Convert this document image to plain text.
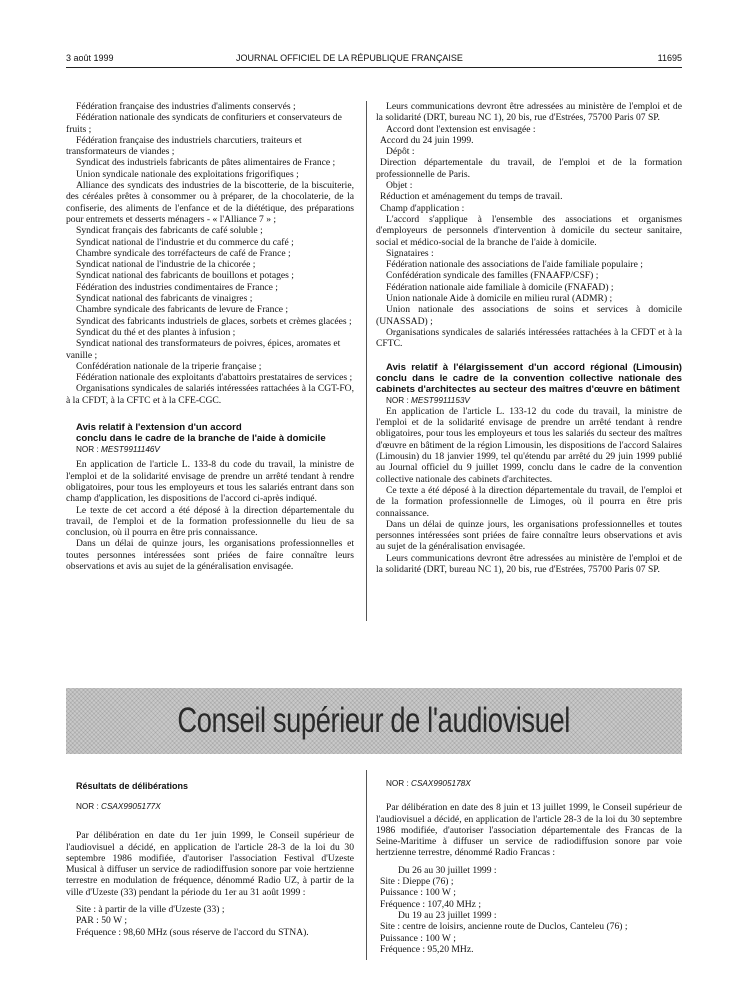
3 août 1999	JOURNAL OFFICIEL DE LA RÉPUBLIQUE FRANÇAISE	11695

Fédération française des industries d'aliments conservés ;

Fédération nationale des syndicats de confituriers et conservateurs de fruits ;

Fédération française des industriels charcutiers, traiteurs et transformateurs de viandes ;

Syndicat des industriels fabricants de pâtes alimentaires de France ;

Union syndicale nationale des exploitations frigorifiques ;

Alliance des syndicats des industries de la biscotterie, de la biscuiterie, des céréales prêtes à consommer ou à préparer, de la chocolaterie, de la confiserie, des aliments de l'enfance et de la diététique, des préparations pour entremets et desserts ménagers - « l'Alliance 7 » ;

Syndicat français des fabricants de café soluble ;

Syndicat national de l'industrie et du commerce du café ;

Chambre syndicale des torréfacteurs de café de France ;

Syndicat national de l'industrie de la chicorée ;

Syndicat national des fabricants de bouillons et potages ;

Fédération des industries condimentaires de France ;

Syndicat national des fabricants de vinaigres ;

Chambre syndicale des fabricants de levure de France ;

Syndicat des fabricants industriels de glaces, sorbets et crèmes glacées ;

Syndicat du thé et des plantes à infusion ;

Syndicat national des transformateurs de poivres, épices, aromates et vanille ;

Confédération nationale de la triperie française ;

Fédération nationale des exploitants d'abattoirs prestataires de services ;

Organisations syndicales de salariés intéressées rattachées à la CGT-FO, à la CFDT, à la CFTC et à la CFE-CGC.

Avis relatif à l'extension d'un accord

conclu dans le cadre de la branche de l'aide à domicile

NOR : MEST9911146V

En application de l'article L. 133-8 du code du travail, la ministre de l'emploi et de la solidarité envisage de prendre un arrêté tendant à rendre obligatoires, pour tous les employeurs et tous les salariés entrant dans son champ d'application, les dispositions de l'accord ci-après indiqué.

Le texte de cet accord a été déposé à la direction départementale du travail, de l'emploi et de la formation professionnelle du lieu de sa conclusion, où il pourra en être pris connaissance.

Dans un délai de quinze jours, les organisations professionnelles et toutes personnes intéressées sont priées de faire connaître leurs observations et avis au sujet de la généralisation envisagée.

Leurs communications devront être adressées au ministère de l'emploi et de la solidarité (DRT, bureau NC 1), 20 bis, rue d'Estrées, 75700 Paris 07 SP.

Accord dont l'extension est envisagée :

Accord du 24 juin 1999.

Dépôt :

Direction départementale du travail, de l'emploi et de la formation professionnelle de Paris.

Objet :

Réduction et aménagement du temps de travail.

Champ d'application :

L'accord s'applique à l'ensemble des associations et organismes d'employeurs de personnels d'intervention à domicile du secteur sanitaire, social et médico-social de la branche de l'aide à domicile.

Signataires :

Fédération nationale des associations de l'aide familiale populaire ;

Confédération syndicale des familles (FNAAFP/CSF) ;

Fédération nationale aide familiale à domicile (FNAFAD) ;

Union nationale Aide à domicile en milieu rural (ADMR) ;

Union nationale des associations de soins et services à domicile (UNASSAD) ;

Organisations syndicales de salariés intéressées rattachées à la CFDT et à la CFTC.

Avis relatif à l'élargissement d'un accord régional (Limousin) conclu dans le cadre de la convention collective nationale des cabinets d'architectes au secteur des maîtres d'œuvre en bâtiment

NOR : MEST9911153V

En application de l'article L. 133-12 du code du travail, la ministre de l'emploi et de la solidarité envisage de prendre un arrêté tendant à rendre obligatoires, pour tous les employeurs et tous les salariés du secteur des maîtres d'œuvre en bâtiment de la région Limousin, les dispositions de l'accord Salaires (Limousin) du 18 janvier 1999, tel qu'étendu par arrêté du 29 juin 1999 publié au Journal officiel du 9 juillet 1999, conclu dans le cadre de la convention collective nationale des cabinets d'architectes.

Ce texte a été déposé à la direction départementale du travail, de l'emploi et de la formation professionnelle de Limoges, où il pourra en être pris connaissance.

Dans un délai de quinze jours, les organisations professionnelles et toutes personnes intéressées sont priées de faire connaître leurs observations et avis au sujet de la généralisation envisagée.

Leurs communications devront être adressées au ministère de l'emploi et de la solidarité (DRT, bureau NC 1), 20 bis, rue d'Estrées, 75700 Paris 07 SP.

Conseil supérieur de l'audiovisuel

Résultats de délibérations

NOR : CSAX9905177X

Par délibération en date du 1er juin 1999, le Conseil supérieur de l'audiovisuel a décidé, en application de l'article 28-3 de la loi du 30 septembre 1986 modifiée, d'autoriser l'association Festival d'Uzeste Musical à diffuser un service de radiodiffusion sonore par voie hertzienne terrestre en modulation de fréquence, dénommé Radio UZ, à partir de la ville d'Uzeste (33) pendant la période du 1er au 31 août 1999 :

Site : à partir de la ville d'Uzeste (33) ;

PAR : 50 W ;

Fréquence : 98,60 MHz (sous réserve de l'accord du STNA).

NOR : CSAX9905178X

Par délibération en date des 8 juin et 13 juillet 1999, le Conseil supérieur de l'audiovisuel a décidé, en application de l'article 28-3 de la loi du 30 septembre 1986 modifiée, d'autoriser l'association départementale des Francas de la Seine-Maritime à diffuser un service de radiodiffusion sonore par voie hertzienne terrestre, dénommé Radio Francas :

Du 26 au 30 juillet 1999 :

Site : Dieppe (76) ;

Puissance : 100 W ;

Fréquence : 107,40 MHz ;

Du 19 au 23 juillet 1999 :

Site : centre de loisirs, ancienne route de Duclos, Canteleu (76) ;

Puissance : 100 W ;

Fréquence : 95,20 MHz.
